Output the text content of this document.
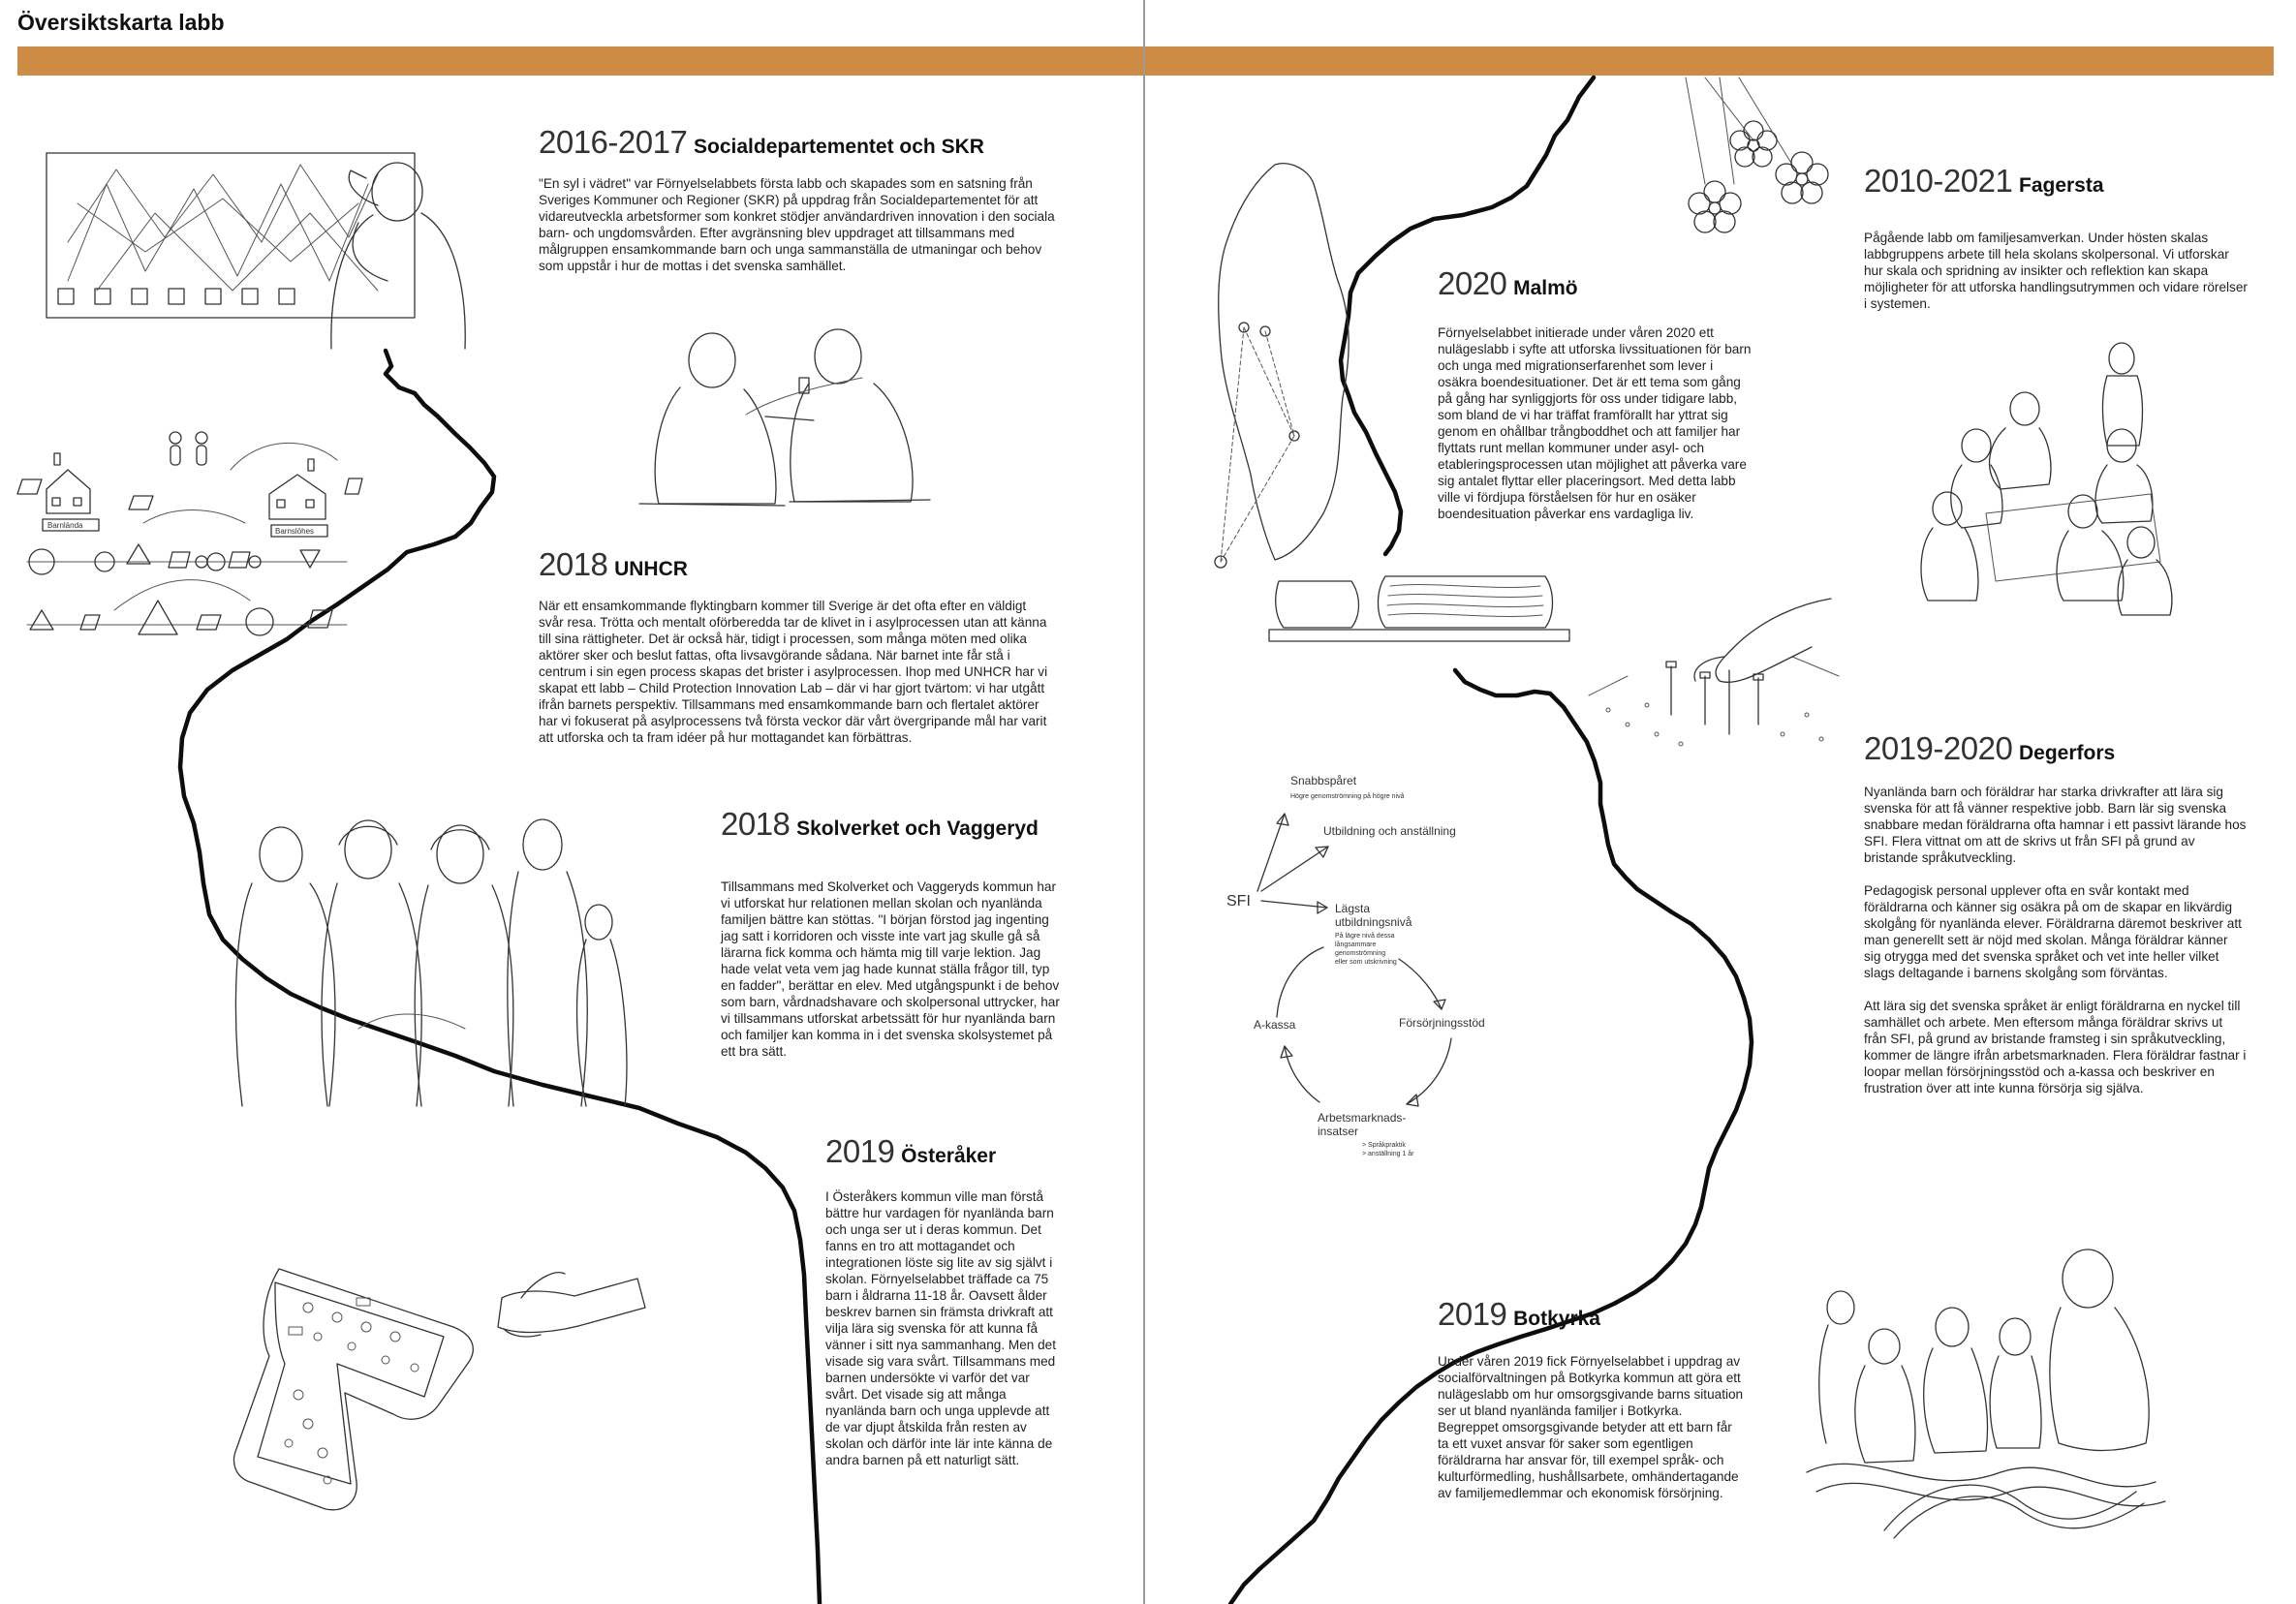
Översiktskarta labb
Barnlända
Barnslöhes
SFI
Snabbspåret
Högre genomströmning på högre nivå
Utbildning och anställning
Lägsta
utbildningsnivå
På lägre nivå dessa
långsammare
genomströmning
eller som utskrivning
Försörjningsstöd
A-kassa
Arbetsmarknads-
insatser
> Språkpraktik
> anställning 1 år
2016-2017 Socialdepartementet och SKR

"En syl i vädret" var Förnyelselabbets första labb och skapades som en satsning från Sveriges Kommuner och Regioner (SKR) på uppdrag från Socialdepartementet för att vidareutveckla arbetsformer som konkret stödjer användardriven innovation i den sociala barn- och ungdomsvården. Efter avgränsning blev uppdraget att tillsammans med målgruppen ensamkommande barn och unga sammanställa de utmaningar och behov som uppstår i hur de mottas i det svenska samhället.

2018 UNHCR

När ett ensamkommande flyktingbarn kommer till Sverige är det ofta efter en väldigt svår resa. Trötta och mentalt oförberedda tar de klivet in i asylprocessen utan att känna till sina rättigheter. Det är också här, tidigt i processen, som många möten med olika aktörer sker och beslut fattas, ofta livsavgörande sådana. När barnet inte får stå i centrum i sin egen process skapas det brister i asylprocessen. Ihop med UNHCR har vi skapat ett labb – Child Protection Innovation Lab – där vi har gjort tvärtom: vi har utgått ifrån barnets perspektiv. Tillsammans med ensamkommande barn och flertalet aktörer har vi fokuserat på asylprocessens två första veckor där vårt övergripande mål har varit att utforska och ta fram idéer på hur mottagandet kan förbättras.

2018 Skolverket och Vaggeryd

Tillsammans med Skolverket och Vaggeryds kommun har vi utforskat hur relationen mellan skolan och nyanlända familjen bättre kan stöttas. "I början förstod jag ingenting jag satt i korridoren och visste inte vart jag skulle gå så lärarna fick komma och hämta mig till varje lektion. Jag hade velat veta vem jag hade kunnat ställa frågor till, typ en fadder", berättar en elev. Med utgångspunkt i de behov som barn, vårdnadshavare och skolpersonal uttrycker, har vi tillsammans utforskat arbetssätt för hur nyanlända barn och familjer kan komma in i det svenska skolsystemet på ett bra sätt.

2019 Österåker

I Österåkers kommun ville man förstå bättre hur vardagen för nyanlända barn och unga ser ut i deras kommun. Det fanns en tro att mottagandet och integrationen löste sig lite av sig självt i skolan. Förnyelselabbet träffade ca 75 barn i åldrarna 11-18 år. Oavsett ålder beskrev barnen sin främsta drivkraft att vilja lära sig svenska för att kunna få vänner i sitt nya sammanhang. Men det visade sig vara svårt. Tillsammans med barnen undersökte vi varför det var svårt. Det visade sig att många nyanlända barn och unga upplevde att de var djupt åtskilda från resten av skolan och därför inte lär inte känna de andra barnen på ett naturligt sätt.

2020 Malmö

Förnyelselabbet initierade under våren 2020 ett nulägeslabb i syfte att utforska livssituationen för barn och unga med migrationserfarenhet som lever i osäkra boendesituationer. Det är ett tema som gång på gång har synliggjorts för oss under tidigare labb, som bland de vi har träffat framförallt har yttrat sig genom en ohållbar trångboddhet och att familjer har flyttats runt mellan kommuner under asyl- och etableringsprocessen utan möjlighet att påverka vare sig antalet flyttar eller placeringsort. Med detta labb ville vi fördjupa förståelsen för hur en osäker boendesituation påverkar ens vardagliga liv.

2010-2021 Fagersta

Pågående labb om familjesamverkan. Under hösten skalas labbgruppens arbete till hela skolans skolpersonal. Vi utforskar hur skala och spridning av insikter och reflektion kan skapa möjligheter för att utforska handlingsutrymmen och vidare rörelser i systemen.

2019-2020 Degerfors

Nyanlända barn och föräldrar har starka drivkrafter att lära sig svenska för att få vänner respektive jobb. Barn lär sig svenska snabbare medan föräldrarna ofta hamnar i ett passivt lärande hos SFI. Flera vittnat om att de skrivs ut från SFI på grund av bristande språkutveckling.

Pedagogisk personal upplever ofta en svår kontakt med föräldrarna och känner sig osäkra på om de skapar en likvärdig skolgång för nyanlända elever. Föräldrarna däremot beskriver att man generellt sett är nöjd med skolan. Många föräldrar känner sig otrygga med det svenska språket och vet inte heller vilket slags deltagande i barnens skolgång som förväntas.

Att lära sig det svenska språket är enligt föräldrarna en nyckel till samhället och arbete. Men eftersom många föräldrar skrivs ut från SFI, på grund av bristande framsteg i sin språkutveckling, kommer de längre ifrån arbetsmarknaden. Flera föräldrar fastnar i loopar mellan försörjningsstöd och a-kassa och beskriver en frustration över att inte kunna försörja sig själva.

2019 Botkyrka

Under våren 2019 fick Förnyelselabbet i uppdrag av socialförvaltningen på Botkyrka kommun att göra ett nulägeslabb om hur omsorgsgivande barns situation ser ut bland nyanlända familjer i Botkyrka. Begreppet omsorgsgivande betyder att ett barn får ta ett vuxet ansvar för saker som egentligen föräldrarna har ansvar för, till exempel språk- och kulturförmedling, hushållsarbete, omhändertagande av familjemedlemmar och ekonomisk försörjning.
